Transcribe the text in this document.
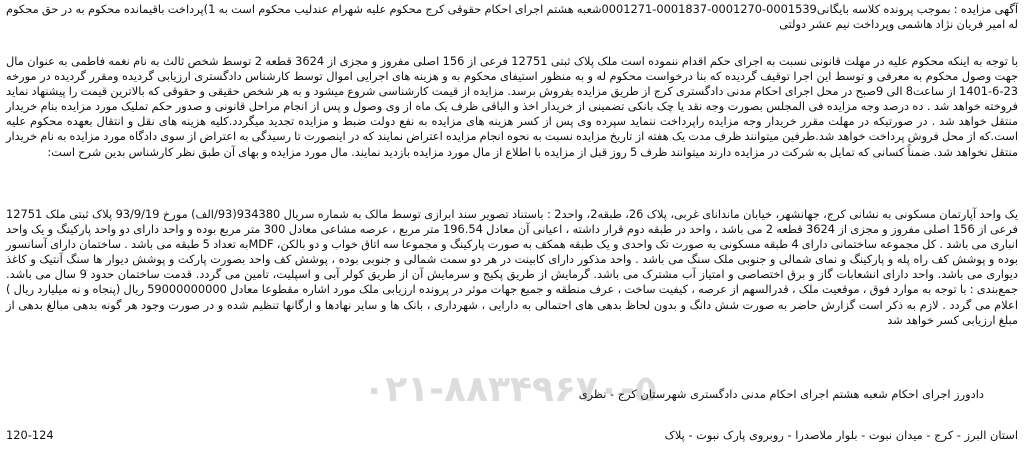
آگهی مزایده : بموجب پرونده کلاسه بایگانی0001539-0001270-0001837-0001271شعبه هشتم اجرای احکام حقوقی کرج محکوم علیه شهرام عندلیب محکوم است به 1)پرداخت باقیمانده محکوم به در حق محکوم له امیر فریان نژاد هاشمی وپرداخت نیم عشر دولتی

با توجه به اینکه محکوم علیه در مهلت قانونی نسبت به اجرای حکم اقدام ننموده است ملک پلاک ثبتی 12751 فرعی از 156 اصلی مفروز و مجزی از 3624 قطعه 2 توسط شخص ثالث به نام نغمه فاطمی به عنوان مال جهت وصول محکوم به معرفی و توسط این اجرا توقیف گردیده که بنا درخواست محکوم له و به منظور استیفای محکوم به و هزینه های اجرایی اموال توسط کارشناس دادگستری ارزیابی گردیده ومقرر گردیده در مورخه 23-6-1401 از ساعت8 الی 9صبح در محل اجرای احکام مدنی دادگستری کرج از طریق مزایده بفروش برسد. مزایده از قیمت کارشناسی شروع میشود و به هر شخص حقیقی و حقوقی که بالاترین قیمت را پیشنهاد نماید فروخته خواهد شد . ده درصد وجه مزایده فی المجلس بصورت وجه نقد یا چک بانکی تضمینی از خریدار اخذ و الباقی ظرف یک ماه از وی وصول و پس از انجام مراحل قانونی و صدور حکم تملیک مورد مزایده بنام خریدار منتقل خواهد شد . در صورتیکه در مهلت مقرر خریدار وجه مزایده راپرداخت ننماید سپرده وی پس از کسر هزینه های مزایده به نفع دولت ضبط و مزایده تجدید میگردد.کلیه هزینه های نقل و انتقال بعهده محکوم علیه است.که از محل فروش پرداخت خواهد شد.طرفین میتوانند ظرف مدت یک هفته از تاریخ مزایده نسبت به نحوه انجام مزایده اعتراض نمایند که در اینصورت تا رسیدگی به اعتراض از سوی دادگاه مورد مزایده به نام خریدار منتقل نخواهد شد. ضمناً کسانی که تمایل به شرکت در مزایده دارند میتوانند ظرف 5 روز قبل از مزایده با اطلاع از مال مورد مزایده بازدید نمایند. مال مورد مزایده و بهای آن طبق نظر کارشناس بدین شرح است:

یک واحد آپارتمان مسکونی به نشانی کرج، جهانشهر، خیابان ماندانای غربی، پلاک 26، طبقه2، واحد2 : باستناد تصویر سند ابرازی توسط مالک به شماره سریال 934380(93/الف) مورخ 93/9/19 پلاک ثبتی ملک 12751 فرعی از 156 اصلی مفروز و مجزی از 3624 قطعه 2 می باشد ، واحد در طبقه دوم قرار داشته ، اعیانی آن معادل 196.54 متر مربع ، عرصه مشاعی معادل 300 متر مربع بوده و واحد دارای دو واحد پارکینگ و یک واحد انباری می باشد . کل مجموعه ساختمانی دارای 4 طبقه مسکونی به صورت تک واحدی و یک طبقه همکف به صورت پارکینگ و مجموعا سه اتاق خواب و دو بالکن، MDFبه تعداد 5 طبقه می باشد . ساختمان دارای آسانسور بوده و پوشش کف راه پله و پارکینگ و نمای شمالی و جنوبی ملک سنگ می باشد . واحد مذکور دارای کابینت در هر دو سمت شمالی و جنوبی بوده ، پوشش کف واحد بصورت پارکت و پوشش دیوار ها سنگ آنتیک و کاغذ دیواری می باشد. واحد دارای انشعابات گاز و برق اختصاصی و امتیاز آب مشترک می باشد. گرمایش از طریق پکیج و سرمایش آن از طریق کولر آبی و اسپلیت، تامین می گردد. قدمت ساختمان حدود 9 سال می باشد. جمع‌بندی : با توجه به موارد فوق ، موقعیت ملک ، قدرالسهم از عرصه ، کیفیت ساخت ، عرف منطقه و جمیع جهات موثر در پرونده ارزیابی ملک مورد اشاره مقطوعا معادل 59000000000 ریال (پنجاه و نه میلیارد ریال ) اعلام می گردد . لازم به ذکر است گزارش حاضر به صورت شش دانگ و بدون لحاظ بدهی های احتمالی به دارایی ، شهرداری ، بانک ها و سایر نهادها و ارگانها تنظیم شده و در صورت وجود هر گونه بدهی مبالغ بدهی از مبلغ ارزیابی کسر خواهد شد

۰۲۱-۸۸۳۴۹۶۷۰-۵
دادورز اجرای احکام شعبه هشتم اجرای احکام مدنی دادگستری شهرستان کرج - نظری
استان البرز - کرج - میدان نبوت - بلوار ملاصدرا - روبروی پارک نبوت - پلاک
120-124
